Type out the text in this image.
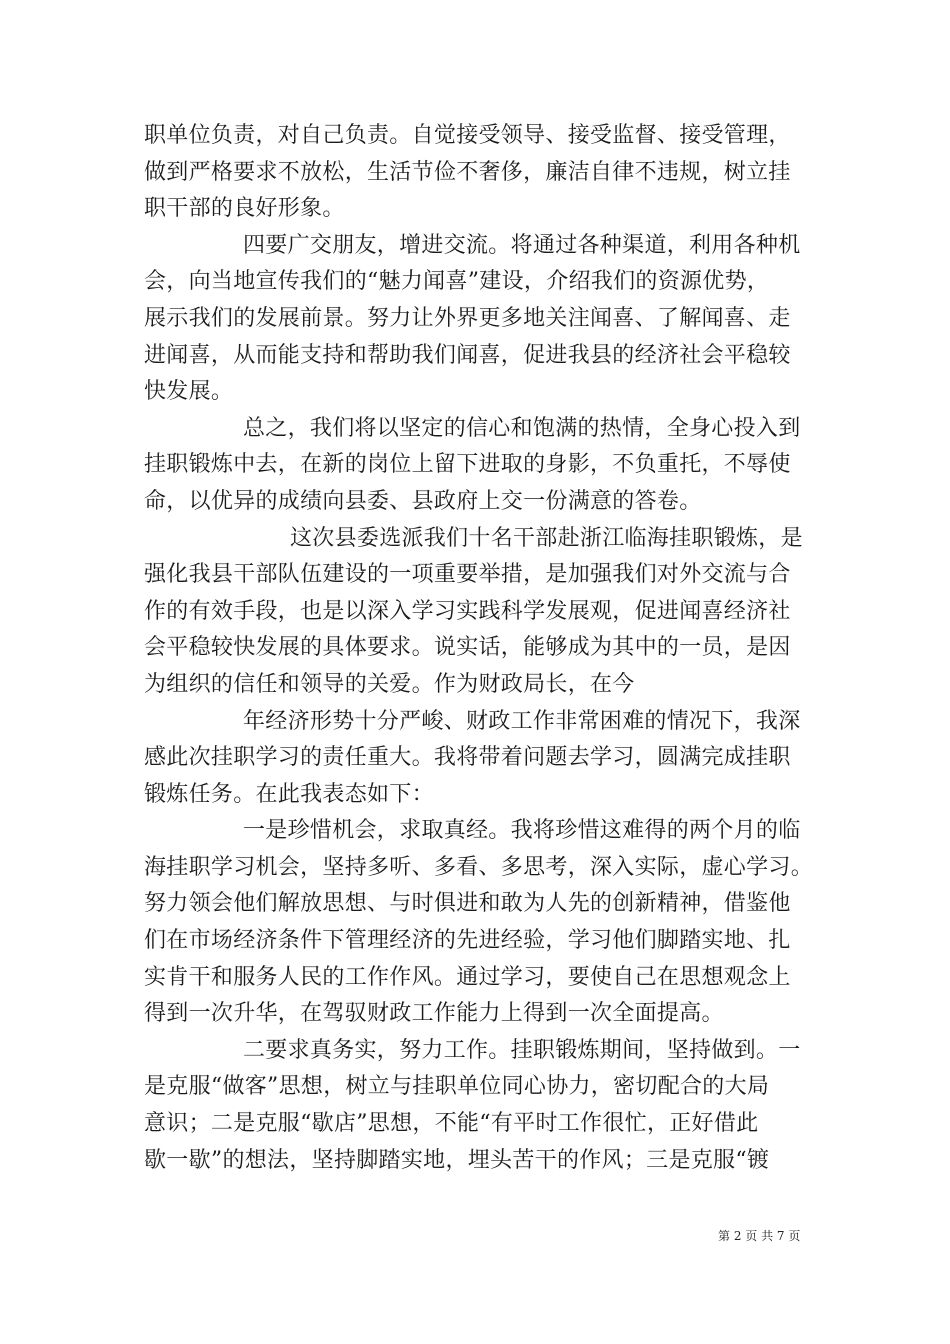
职单位负责，对自己负责。自觉接受领导、接受监督、接受管理，
做到严格要求不放松，生活节俭不奢侈，廉洁自律不违规，树立挂
职干部的良好形象。
四要广交朋友，增进交流。将通过各种渠道，利用各种机
会，向当地宣传我们的“魅力闻喜”建设，介绍我们的资源优势，
展示我们的发展前景。努力让外界更多地关注闻喜、了解闻喜、走
进闻喜，从而能支持和帮助我们闻喜，促进我县的经济社会平稳较
快发展。
总之，我们将以坚定的信心和饱满的热情，全身心投入到
挂职锻炼中去，在新的岗位上留下进取的身影，不负重托，不辱使
命，以优异的成绩向县委、县政府上交一份满意的答卷。
这次县委选派我们十名干部赴浙江临海挂职锻炼，是
强化我县干部队伍建设的一项重要举措，是加强我们对外交流与合
作的有效手段，也是以深入学习实践科学发展观，促进闻喜经济社
会平稳较快发展的具体要求。说实话，能够成为其中的一员，是因
为组织的信任和领导的关爱。作为财政局长，在今
年经济形势十分严峻、财政工作非常困难的情况下，我深
感此次挂职学习的责任重大。我将带着问题去学习，圆满完成挂职
锻炼任务。在此我表态如下：
一是珍惜机会，求取真经。我将珍惜这难得的两个月的临
海挂职学习机会，坚持多听、多看、多思考，深入实际，虚心学习。
努力领会他们解放思想、与时俱进和敢为人先的创新精神，借鉴他
们在市场经济条件下管理经济的先进经验，学习他们脚踏实地、扎
实肯干和服务人民的工作作风。通过学习，要使自己在思想观念上
得到一次升华，在驾驭财政工作能力上得到一次全面提高。
二要求真务实，努力工作。挂职锻炼期间，坚持做到。一
是克服“做客”思想，树立与挂职单位同心协力，密切配合的大局
意识；二是克服“歇店”思想，不能“有平时工作很忙，正好借此
歇一歇”的想法，坚持脚踏实地，埋头苦干的作风；三是克服“镀
第 2 页 共 7 页
